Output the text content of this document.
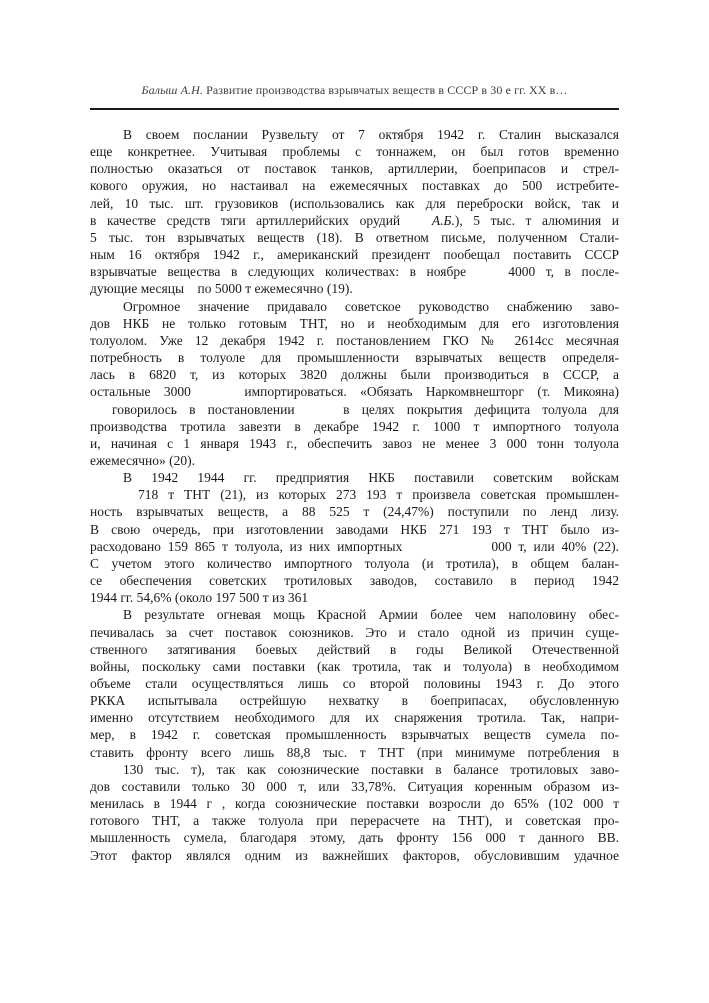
Балыш А.Н. Развитие производства взрывчатых веществ в СССР в 30 е гг. XX в…
В своем послании Рузвельту от 7 октября 1942 г. Сталин высказался
еще конкретнее. Учитывая проблемы с тоннажем, он был готов временно
полностью оказаться от поставок танков, артиллерии, боеприпасов и стрел-
кового оружия, но настаивал на ежемесячных поставках до 500 истребите-
лей, 10 тыс. шт. грузовиков (использовались как для переброски войск, так и
в качестве средств тяги артиллерийских орудий   А.Б.), 5 тыс. т алюминия и
5 тыс. тон взрывчатых веществ (18). В ответном письме, полученном Стали-
ным 16 октября 1942 г., американский президент пообещал поставить СССР
взрывчатые вещества в следующих количествах: в ноябре    4000 т, в после-
дующие месяцы    по 5000 т ежемесячно (19).
Огромное значение придавало советское руководство снабжению заво-
дов НКБ не только готовым ТНТ, но и необходимым для его изготовления
толуолом. Уже 12 декабря 1942 г. постановлением ГКО № 2614сс месячная
потребность в толуоле для промышленности взрывчатых веществ определя-
лась в 6820 т, из которых 3820 должны были производиться в СССР, а
остальные 3000    импортироваться. «Обязать Наркомвнешторг (т. Микояна)
говорилось в постановлении    в целях покрытия дефицита толуола для
производства тротила завезти в декабре 1942 г. 1000 т импортного толуола
и, начиная с 1 января 1943 г., обеспечить завоз не менее 3 000 тонн толуола
ежемесячно» (20).
В 1942 1944 гг. предприятия НКБ поставили советским войскам
718 т ТНТ (21), из которых 273 193 т произвела советская промышлен-
ность взрывчатых веществ, а 88 525 т (24,47%) поступили по ленд лизу.
В свою очередь, при изготовлении заводами НКБ 271 193 т ТНТ было из-
расходовано 159 865 т толуола, из них импортных             000 т, или 40% (22).
С учетом этого количество импортного толуола (и тротила), в общем балан-
се обеспечения советских тротиловых заводов, составило в период 1942
1944 гг. 54,6% (около 197 500 т из 361
В результате огневая мощь Красной Армии более чем наполовину обес-
печивалась за счет поставок союзников. Это и стало одной из причин суще-
ственного затягивания боевых действий в годы Великой Отечественной
войны, поскольку сами поставки (как тротила, так и толуола) в необходимом
объеме стали осуществляться лишь со второй половины 1943 г. До этого
РККА испытывала острейшую нехватку в боеприпасах, обусловленную
именно отсутствием необходимого для их снаряжения тротила. Так, напри-
мер, в 1942 г. советская промышленность взрывчатых веществ сумела по-
ставить фронту всего лишь 88,8 тыс. т ТНТ (при минимуме потребления в
130 тыс. т), так как союзнические поставки в балансе тротиловых заво-
дов составили только 30 000 т, или 33,78%. Ситуация коренным образом из-
менилась в 1944 г , когда союзнические поставки возросли до 65% (102 000 т
готового ТНТ, а также толуола при перерасчете на ТНТ), и советская про-
мышленность сумела, благодаря этому, дать фронту 156 000 т данного ВВ.
Этот фактор являлся одним из важнейших факторов, обусловившим удачное
